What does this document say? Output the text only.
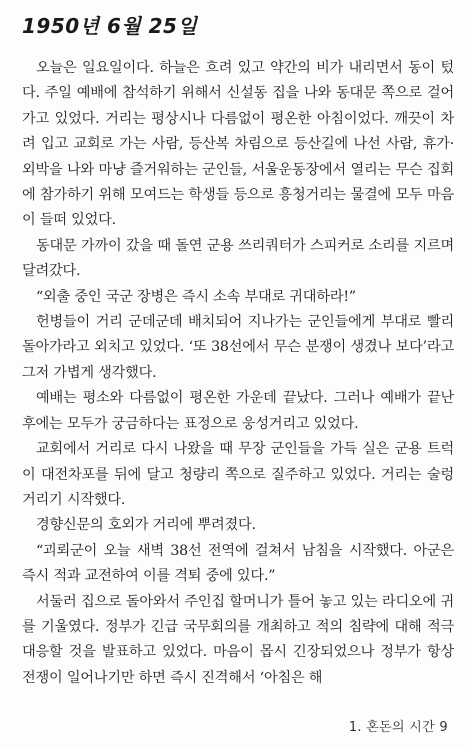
1950년 6월 25일

오늘은 일요일이다. 하늘은 흐려 있고 약간의 비가 내리면서 동이 텄다. 주일 예배에 참석하기 위해서 신설동 집을 나와 동대문 쪽으로 걸어가고 있었다. 거리는 평상시나 다름없이 평온한 아침이었다. 깨끗이 차려 입고 교회로 가는 사람, 등산복 차림으로 등산길에 나선 사람, 휴가·외박을 나와 마냥 즐거워하는 군인들, 서울운동장에서 열리는 무슨 집회에 참가하기 위해 모여드는 학생들 등으로 흥청거리는 물결에 모두 마음이 들떠 있었다.

동대문 가까이 갔을 때 돌연 군용 쓰리쿼터가 스피커로 소리를 지르며 달려갔다.

“외출 중인 국군 장병은 즉시 소속 부대로 귀대하라!”

헌병들이 거리 군데군데 배치되어 지나가는 군인들에게 부대로 빨리 돌아가라고 외치고 있었다. ‘또 38선에서 무슨 분쟁이 생겼나 보다’라고 그저 가볍게 생각했다.

예배는 평소와 다름없이 평온한 가운데 끝났다. 그러나 예배가 끝난 후에는 모두가 궁금하다는 표정으로 웅성거리고 있었다.

교회에서 거리로 다시 나왔을 때 무장 군인들을 가득 실은 군용 트럭이 대전차포를 뒤에 달고 청량리 쪽으로 질주하고 있었다. 거리는 술렁거리기 시작했다.

경향신문의 호외가 거리에 뿌려졌다.

“괴뢰군이 오늘 새벽 38선 전역에 걸쳐서 남침을 시작했다. 아군은 즉시 적과 교전하여 이를 격퇴 중에 있다.”

서둘러 집으로 돌아와서 주인집 할머니가 틀어 놓고 있는 라디오에 귀를 기울였다. 정부가 긴급 국무회의를 개최하고 적의 침략에 대해 적극 대응할 것을 발표하고 있었다. 마음이 몹시 긴장되었으나 정부가 항상 전쟁이 일어나기만 하면 즉시 진격해서 ‘아침은 해

1. 혼돈의 시간 9
